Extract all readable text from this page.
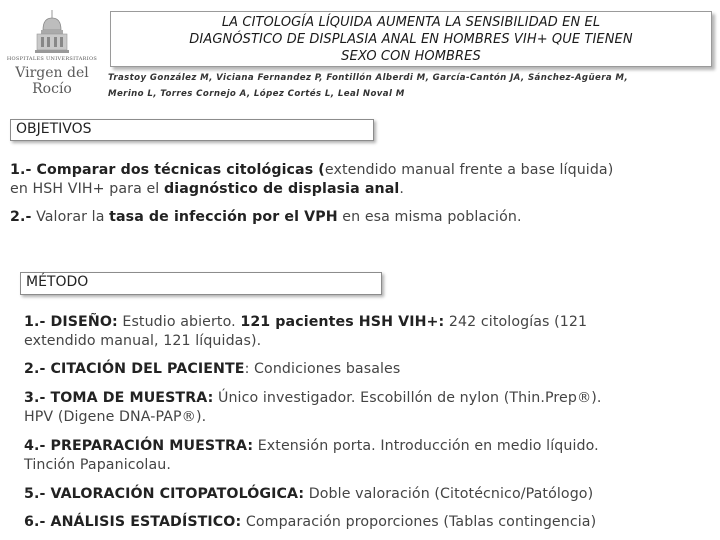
HOSPITALES UNIVERSITARIOS
Virgen del Rocío
LA CITOLOGÍA LÍQUIDA AUMENTA LA SENSIBILIDAD EN EL
DIAGNÓSTICO DE DISPLASIA ANAL EN HOMBRES VIH+ QUE TIENEN
SEXO CON HOMBRES
Trastoy González M, Viciana Fernandez P, Fontillón Alberdi M, García-Cantón JA, Sánchez-Agüera M,
Merino L, Torres Cornejo A, López Cortés L, Leal Noval M
OBJETIVOS
1.- Comparar dos técnicas citológicas (extendido manual frente a base líquida)
en HSH VIH+ para el diagnóstico de displasia anal.
2.- Valorar la tasa de infección por el VPH en esa misma población.
MÉTODO
1.- DISEÑO: Estudio abierto. 121 pacientes HSH VIH+: 242 citologías (121
extendido manual, 121 líquidas).
2.- CITACIÓN DEL PACIENTE: Condiciones basales
3.- TOMA DE MUESTRA: Único investigador. Escobillón de nylon (Thin.Prep®).
HPV (Digene DNA-PAP®).
4.- PREPARACIÓN MUESTRA: Extensión porta. Introducción en medio líquido.
Tinción Papanicolau.
5.- VALORACIÓN CITOPATOLÓGICA: Doble valoración (Citotécnico/Patólogo)
6.- ANÁLISIS ESTADÍSTICO: Comparación proporciones (Tablas contingencia)
